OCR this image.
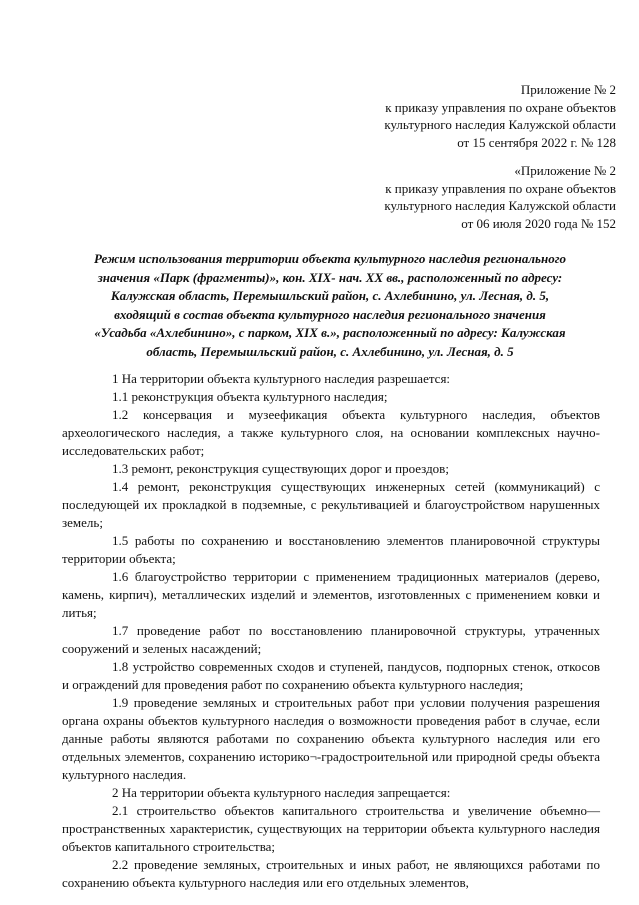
Приложение № 2
к приказу управления по охране объектов
культурного наследия Калужской области
от 15 сентября 2022 г. № 128
«Приложение № 2
к приказу управления по охране объектов
культурного наследия Калужской области
от 06 июля 2020 года № 152
Режим использования территории объекта культурного наследия регионального
значения «Парк (фрагменты)», кон. XIX- нач. XX вв., расположенный по адресу:
Калужская область, Перемышльский район, с. Ахлебинино, ул. Лесная, д. 5,
входящий в состав объекта культурного наследия регионального значения
«Усадьба «Ахлебинино», с парком, XIX в.», расположенный по адресу: Калужская
область, Перемышльский район, с. Ахлебинино, ул. Лесная, д. 5

1 На территории объекта культурного наследия разрешается:

1.1 реконструкция объекта культурного наследия;

1.2 консервация и музеефикация объекта культурного наследия, объектов археологического наследия, а также культурного слоя, на основании комплексных научно-исследовательских работ;

1.3 ремонт, реконструкция существующих дорог и проездов;

1.4 ремонт, реконструкция существующих инженерных сетей (коммуникаций) с последующей их прокладкой в подземные, с рекультивацией и благоустройством нарушенных земель;

1.5 работы по сохранению и восстановлению элементов планировочной структуры территории объекта;

1.6 благоустройство территории с применением традиционных материалов (дерево, камень, кирпич), металлических изделий и элементов, изготовленных с применением ковки и литья;

1.7 проведение работ по восстановлению планировочной структуры, утраченных сооружений и зеленых насаждений;

1.8 устройство современных сходов и ступеней, пандусов, подпорных стенок, откосов и ограждений для проведения работ по сохранению объекта культурного наследия;

1.9 проведение земляных и строительных работ при условии получения разрешения органа охраны объектов культурного наследия о возможности проведения работ в случае, если данные работы являются работами по сохранению объекта культурного наследия или его отдельных элементов, сохранению историко¬-градостроительной или природной среды объекта культурного наследия.

2 На территории объекта культурного наследия запрещается:

2.1 строительство объектов капитального строительства и увеличение объемно—пространственных характеристик, существующих на территории объекта культурного наследия объектов капитального строительства;

2.2 проведение земляных, строительных и иных работ, не являющихся работами по сохранению объекта культурного наследия или его отдельных элементов,
